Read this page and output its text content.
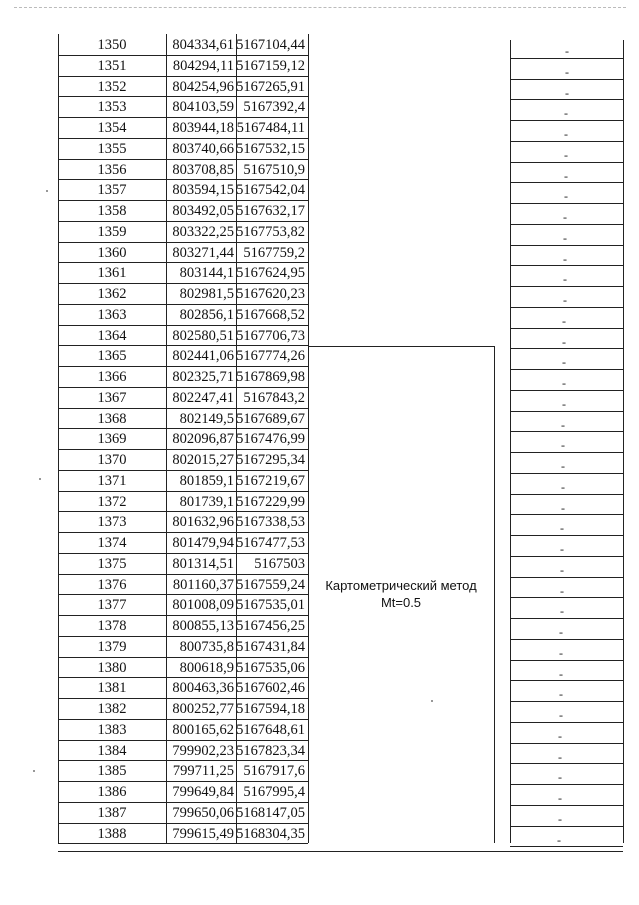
1350	804334,61 5167104,44	-
1351	804294,11 5167159,12	-
1352	804254,96 5167265,91	-
1353	804103,59 5167392,4	-
1354	803944,18 5167484,11	-
1355	803740,66 5167532,15	-
1356	803708,85 5167510,9	-
1357	803594,15 5167542,04	-
1358	803492,05 5167632,17	-
1359	803322,25 5167753,82	-
1360	803271,44 5167759,2	-
1361	803144,1 5167624,95	-
1362	802981,5 5167620,23	-
1363	802856,1 5167668,52	-
1364	802580,51 5167706,73	-
1365	802441,06 5167774,26	-
1366	802325,71 5167869,98	-
1367	802247,41 5167843,2	-
1368	802149,5 5167689,67	-
1369	802096,87 5167476,99	-
1370	802015,27 5167295,34	-
1371	801859,1 5167219,67	-
1372	801739,1 5167229,99	-
1373	801632,96 5167338,53	-
1374	801479,94 5167477,53	-
1375	801314,51	5167503	-
1376	801160,37 5167559,24	-
1377	801008,09 5167535,01	-
1378	800855,13 5167456,25	-
1379	800735,8 5167431,84	-
1380	800618,9 5167535,06	-
1381	800463,36 5167602,46	-
1382	800252,77 5167594,18	-
1383	800165,62 5167648,61	-
1384	799902,23 5167823,34	-
1385	799711,25 5167917,6	-
1386	799649,84 5167995,4	-
1387	799650,06 5168147,05	-
1388	799615,49 5168304,35	-
Картометрический метод
Mt=0.5
